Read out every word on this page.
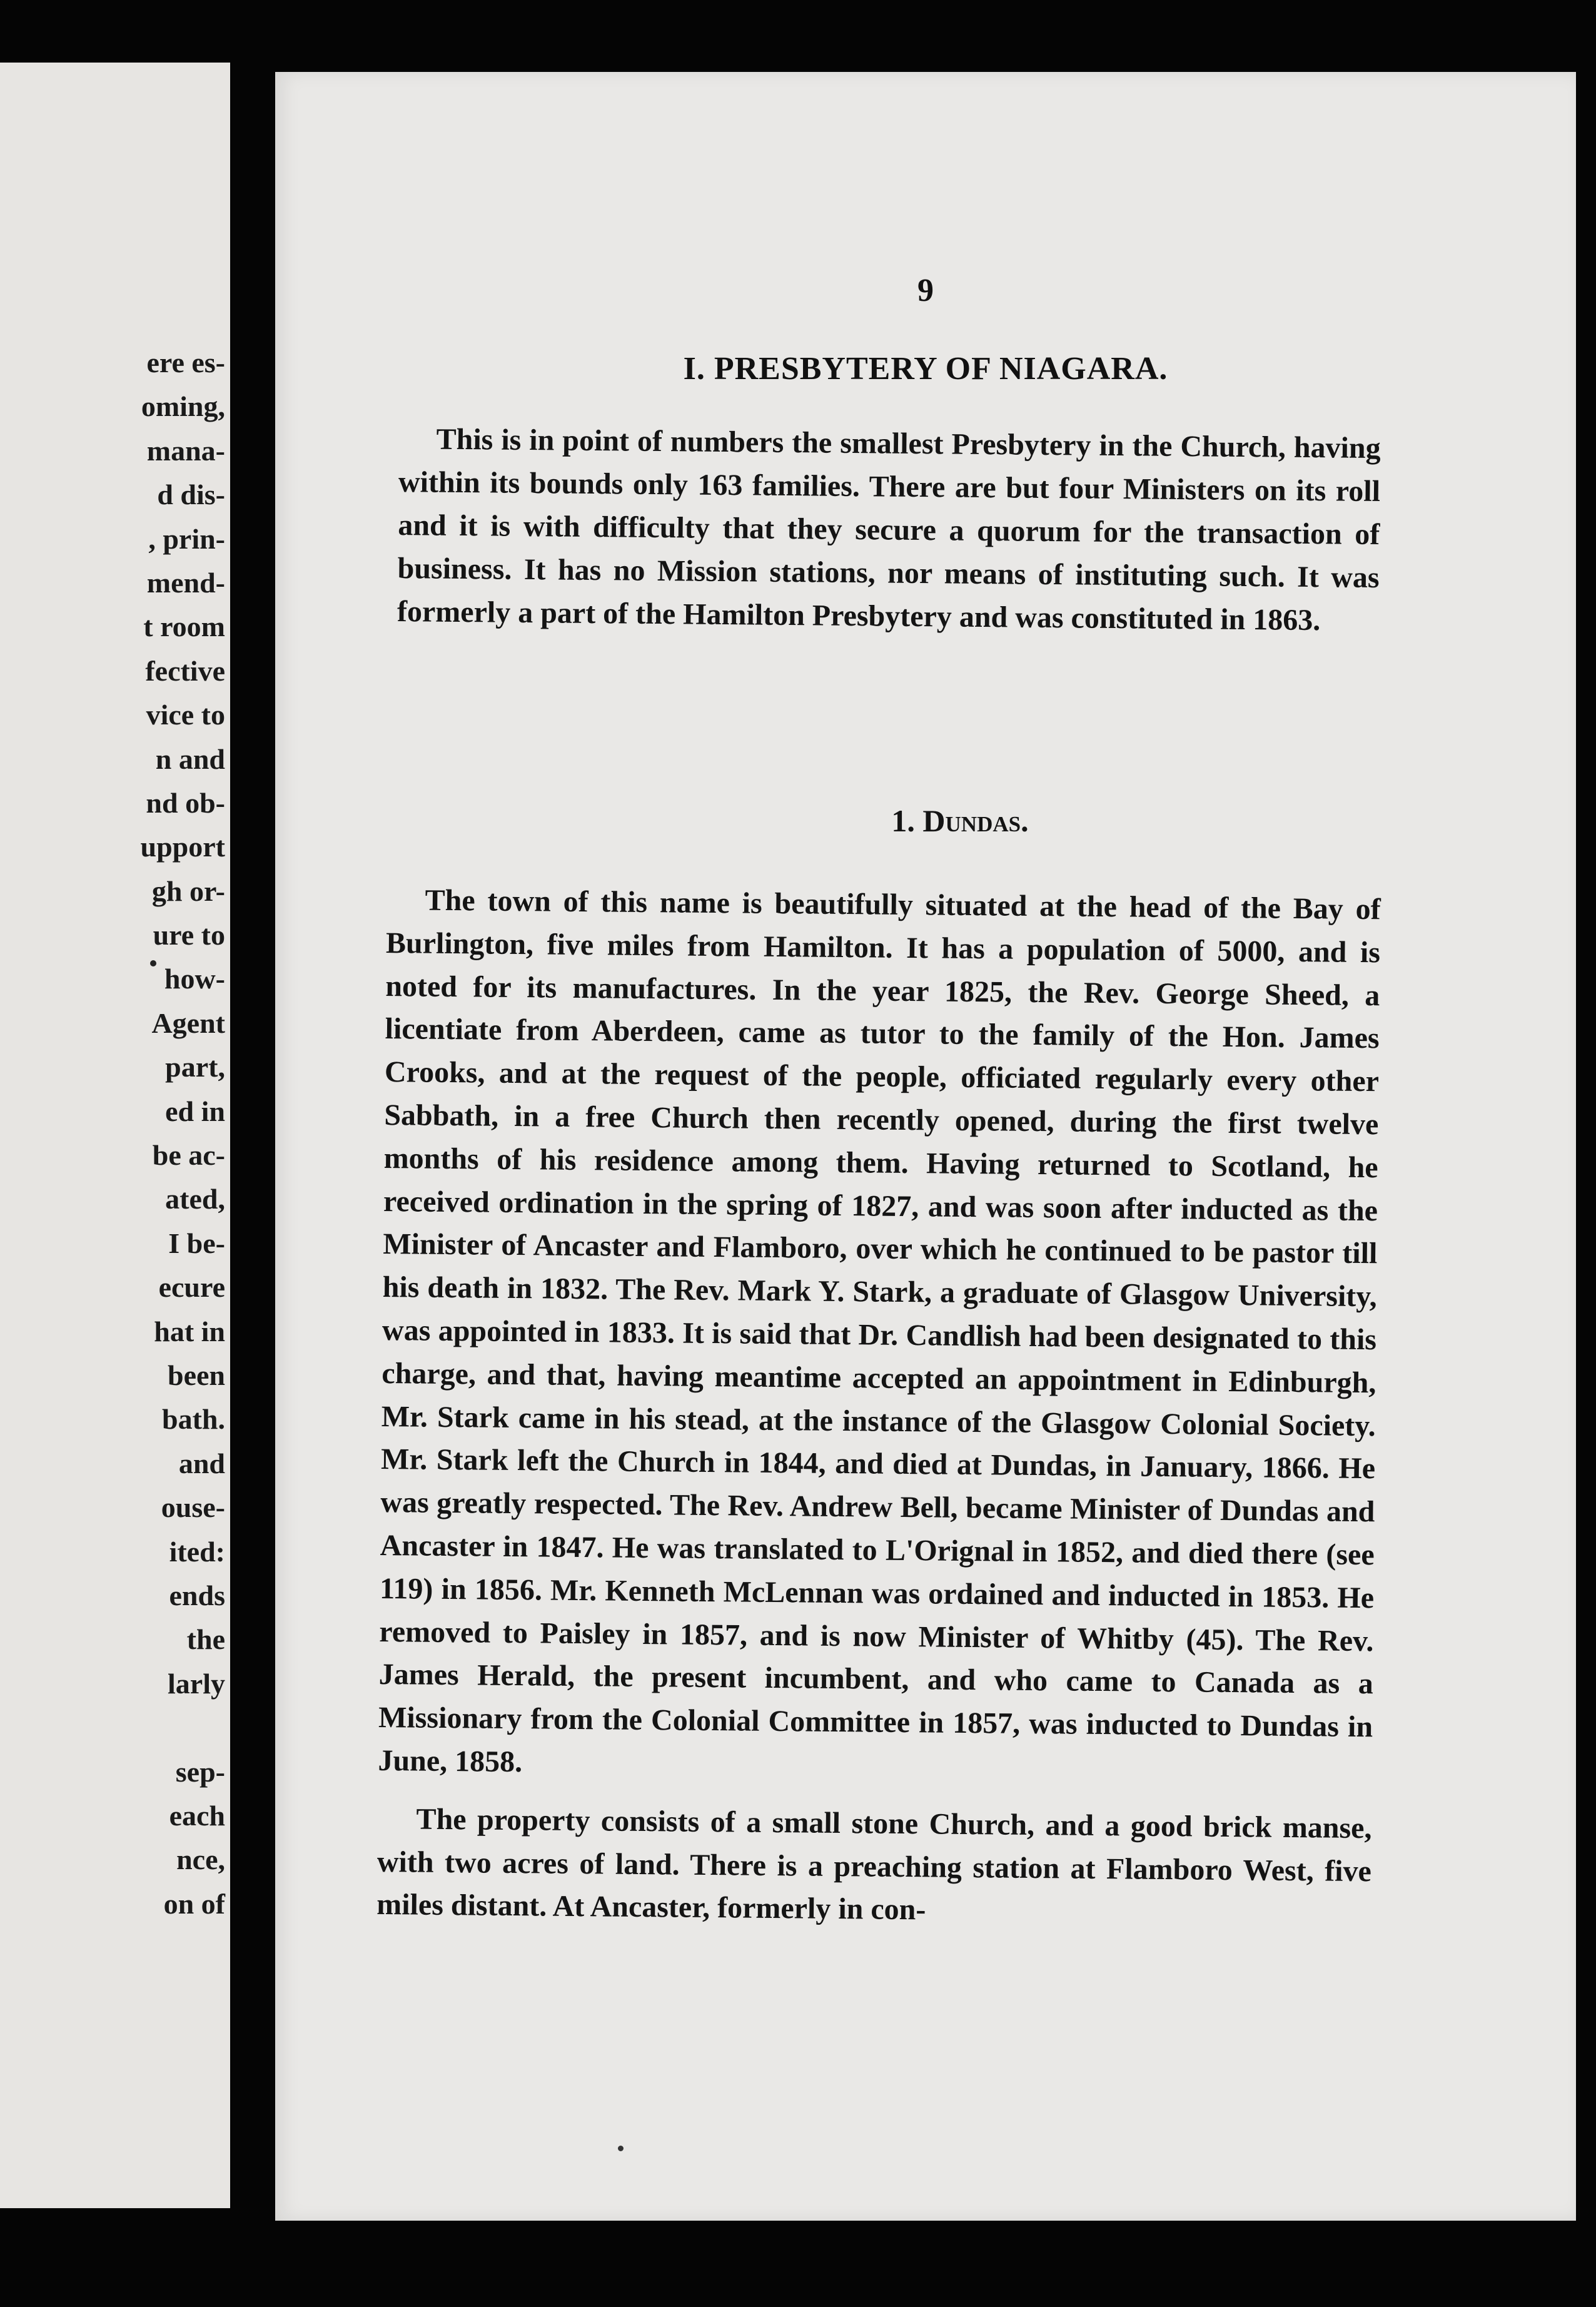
ere es-
oming,
mana-
d dis-
, prin-
mend-
t room
fective
vice to
n and
nd ob-
upport
gh or-
ure to
how-
Agent
part,
ed in
be ac-
ated,
I be-
ecure
hat in
been
bath.
and
ouse-
ited:
ends
the
larly
sep-
each
nce,
on of
9
I. PRESBYTERY OF NIAGARA.
This is in point of numbers the smallest Presbytery in the Church, having within its bounds only 163 families. There are but four Ministers on its roll and it is with difficulty that they secure a quorum for the transaction of business. It has no Mission stations, nor means of instituting such. It was formerly a part of the Hamilton Presbytery and was constituted in 1863.
1. Dundas.

The town of this name is beautifully situated at the head of the Bay of Burlington, five miles from Hamilton. It has a population of 5000, and is noted for its manufactures. In the year 1825, the Rev. George Sheed, a licentiate from Aberdeen, came as tutor to the family of the Hon. James Crooks, and at the request of the people, officiated regularly every other Sabbath, in a free Church then recently opened, during the first twelve months of his residence among them. Having returned to Scotland, he received ordination in the spring of 1827, and was soon after inducted as the Minister of Ancaster and Flamboro, over which he continued to be pastor till his death in 1832. The Rev. Mark Y. Stark, a graduate of Glasgow University, was appointed in 1833. It is said that Dr. Candlish had been designated to this charge, and that, having meantime accepted an appointment in Edinburgh, Mr. Stark came in his stead, at the instance of the Glasgow Colonial Society. Mr. Stark left the Church in 1844, and died at Dundas, in January, 1866. He was greatly respected. The Rev. Andrew Bell, became Minister of Dundas and Ancaster in 1847. He was translated to L'Orignal in 1852, and died there (see 119) in 1856. Mr. Kenneth McLennan was ordained and inducted in 1853. He removed to Paisley in 1857, and is now Minister of Whitby (45). The Rev. James Herald, the present incumbent, and who came to Canada as a Missionary from the Colonial Committee in 1857, was inducted to Dundas in June, 1858.

The property consists of a small stone Church, and a good brick manse, with two acres of land. There is a preaching station at Flamboro West, five miles distant. At Ancaster, formerly in con-
